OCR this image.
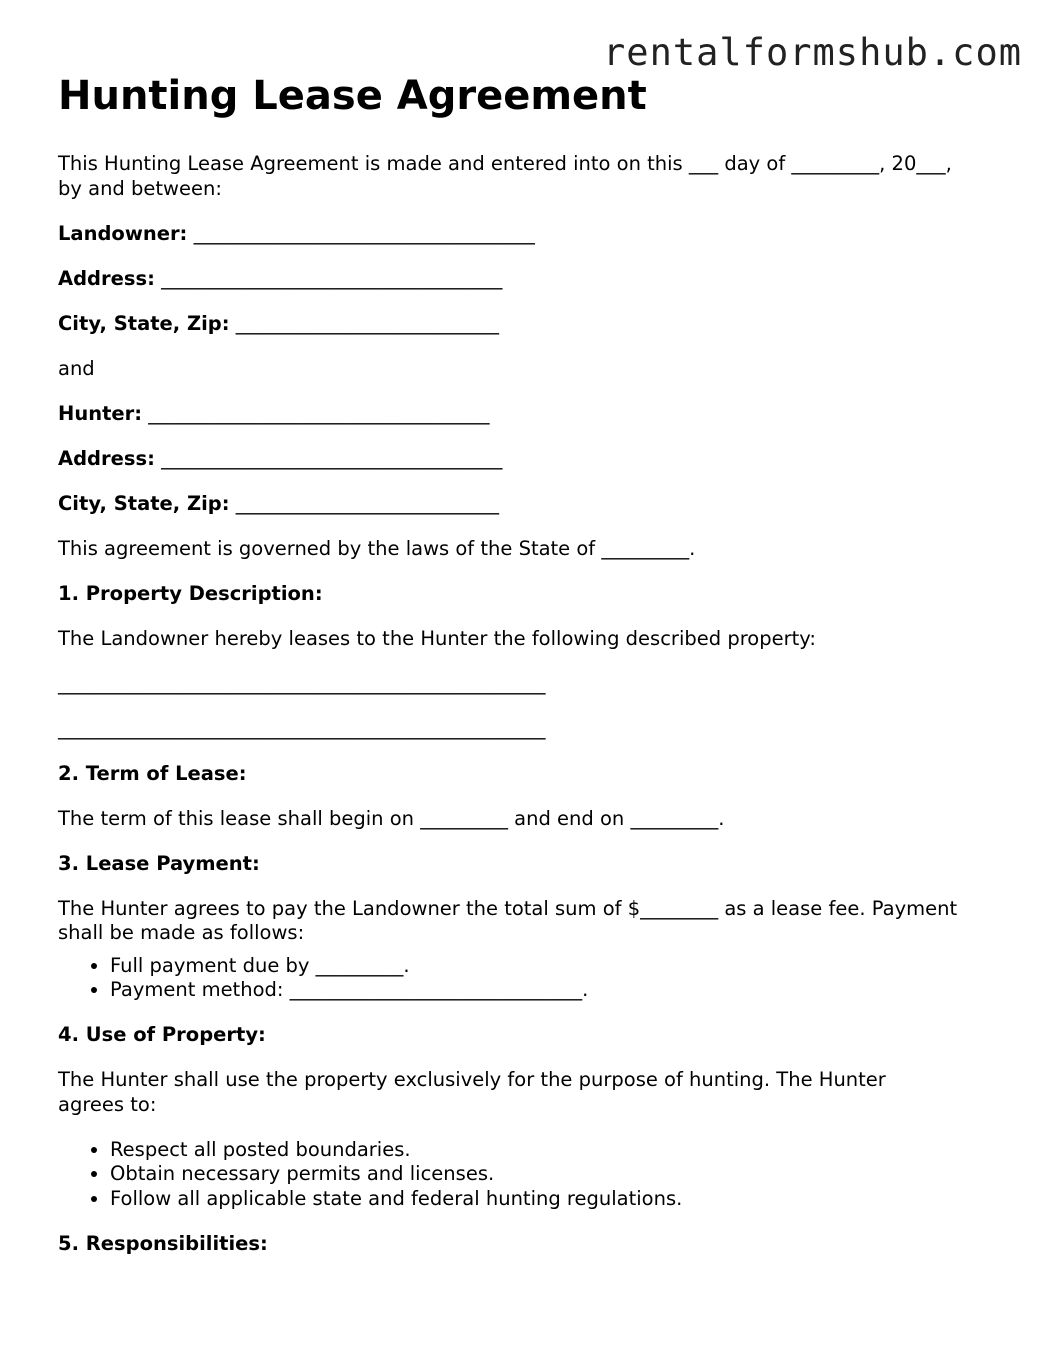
rentalformshub.com
Hunting Lease Agreement

This Hunting Lease Agreement is made and entered into on this ___ day of _________, 20___, by and between:

Landowner: ___________________________________
Address: ___________________________________
City, State, Zip: ___________________________

and

Hunter: ___________________________________
Address: ___________________________________
City, State, Zip: ___________________________

This agreement is governed by the laws of the State of _________.

1. Property Description:

The Landowner hereby leases to the Hunter the following described property:

__________________________________________________
__________________________________________________
2. Term of Lease:

The term of this lease shall begin on _________ and end on _________.

3. Lease Payment:

The Hunter agrees to pay the Landowner the total sum of $________ as a lease fee. Payment shall be made as follows:

• Full payment due by _________.
• Payment method: ______________________________.
4. Use of Property:

The Hunter shall use the property exclusively for the purpose of hunting. The Hunter agrees to:

• Respect all posted boundaries.
• Obtain necessary permits and licenses.
• Follow all applicable state and federal hunting regulations.
5. Responsibilities:
